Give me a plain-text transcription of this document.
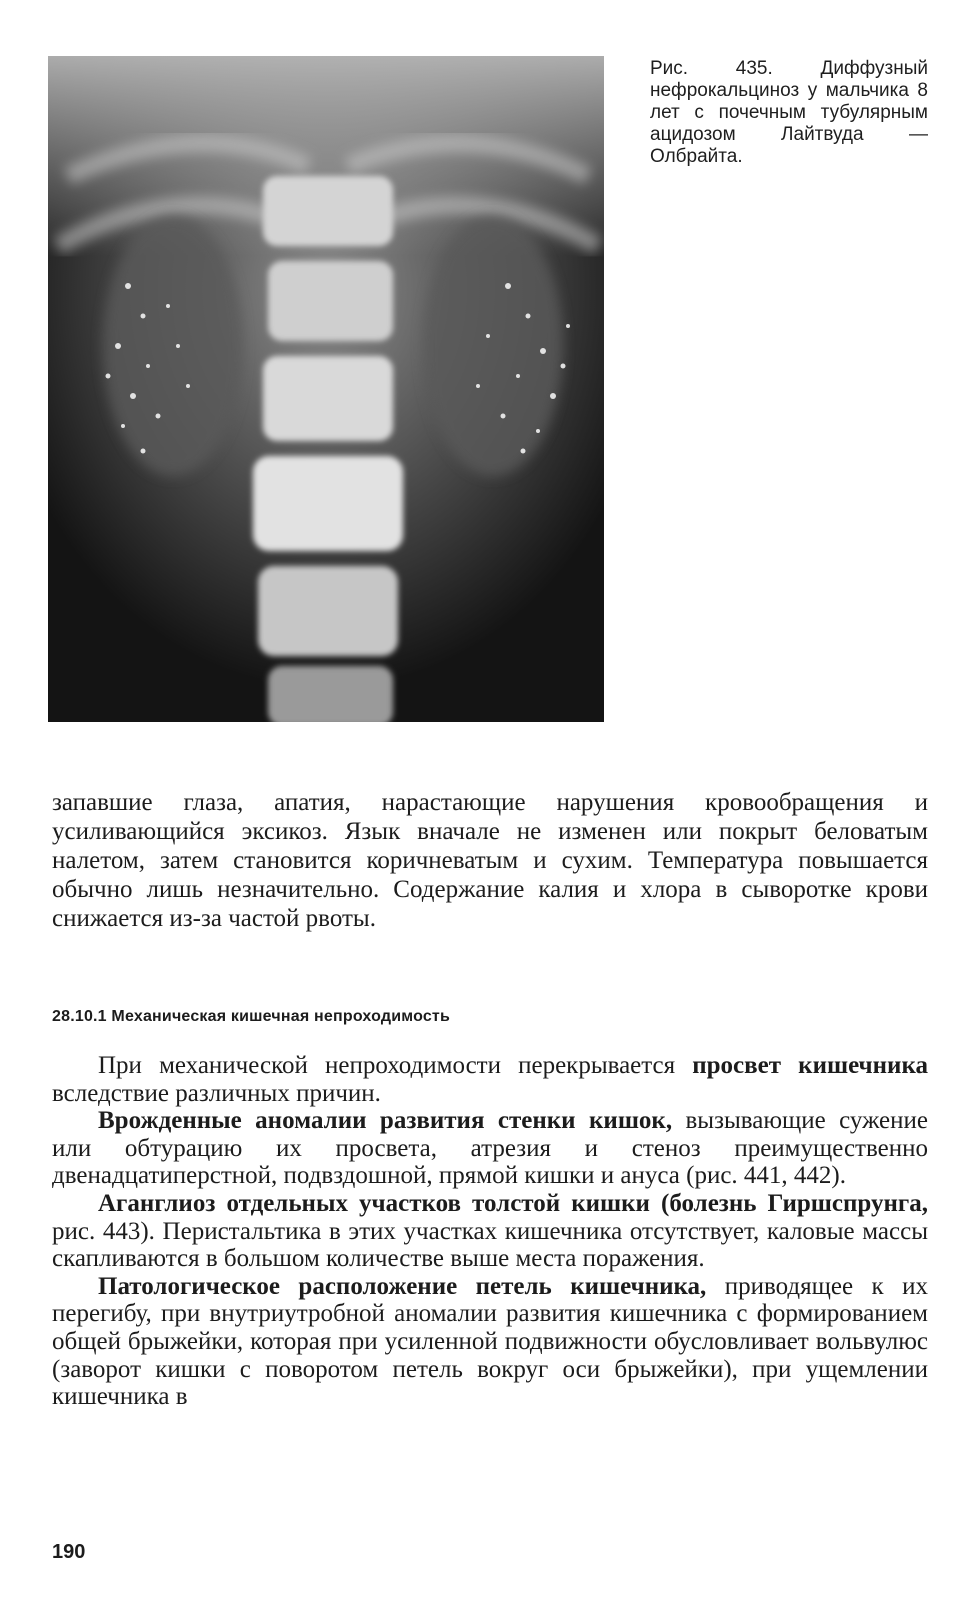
Рис. 435. Диффузный нефрокальциноз у мальчика 8 лет с почечным тубулярным ацидозом Лайтвуда — Олбрайта.
запавшие глаза, апатия, нарастающие нарушения кровообращения и усиливающийся эксикоз. Язык вначале не изменен или покрыт беловатым налетом, затем становится коричневатым и сухим. Температура повышается обычно лишь незначительно. Содержание калия и хлора в сыворотке крови снижается из-за частой рвоты.
28.10.1 Механическая кишечная непроходимость

При механической непроходимости перекрывается просвет кишечника вследствие различных причин.

Врожденные аномалии развития стенки кишок, вызывающие сужение или обтурацию их просвета, атрезия и стеноз преимущественно двенадцатиперстной, подвздошной, прямой кишки и ануса (рис. 441, 442).

Аганглиоз отдельных участков толстой кишки (болезнь Гиршспрунга, рис. 443). Перистальтика в этих участках кишечника отсутствует, каловые массы скапливаются в большом количестве выше места поражения.

Патологическое расположение петель кишечника, приводящее к их перегибу, при внутриутробной аномалии развития кишечника с формированием общей брыжейки, которая при усиленной подвижности обусловливает вольвулюс (заворот кишки с поворотом петель вокруг оси брыжейки), при ущемлении кишечника в

190
